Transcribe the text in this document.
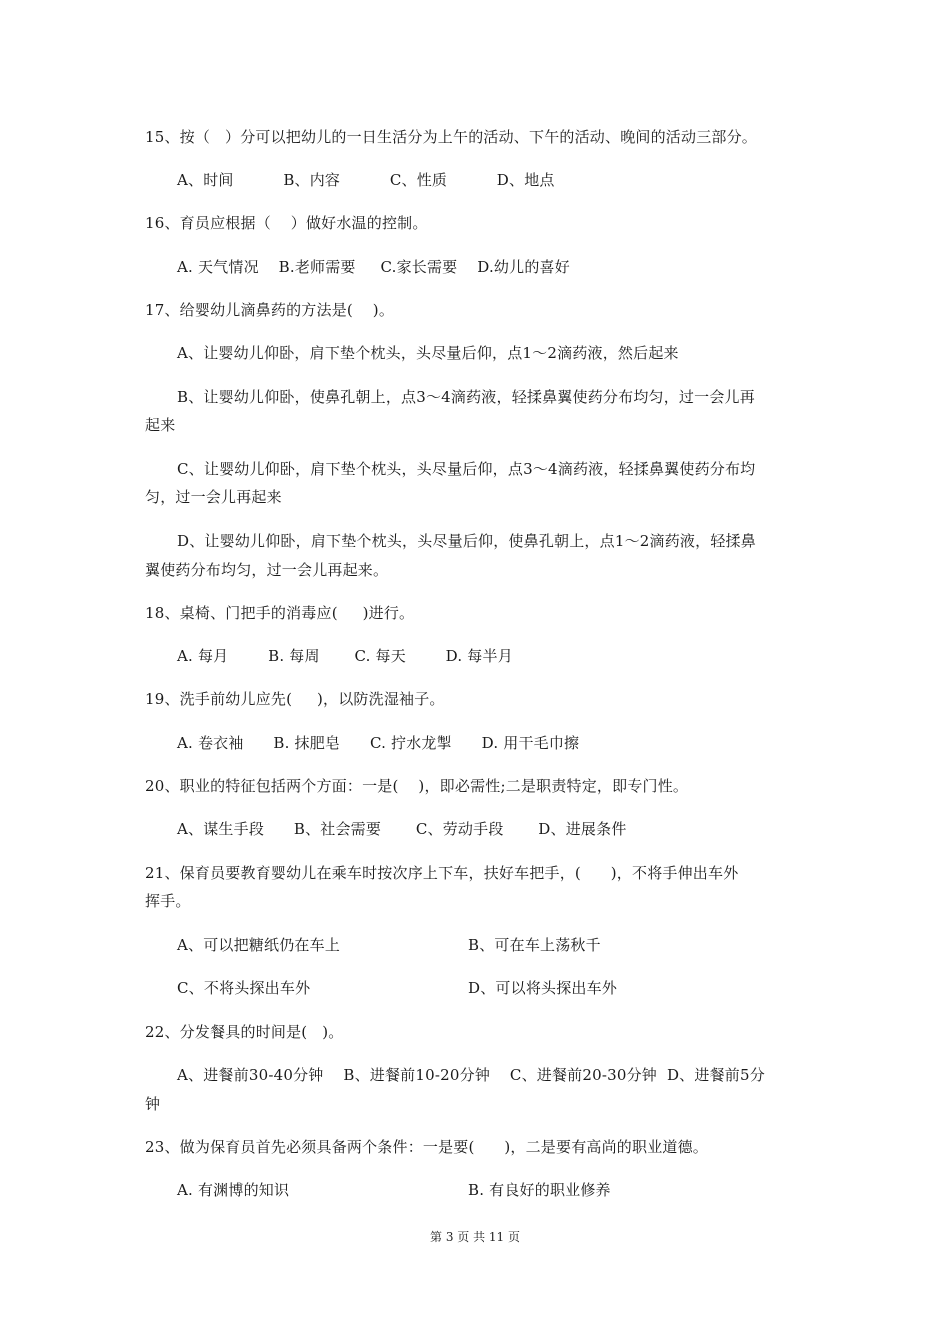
15、按（   ）分可以把幼儿的一日生活分为上午的活动、下午的活动、晚间的活动三部分。
A、时间          B、内容          C、性质          D、地点
16、育员应根据（    ）做好水温的控制。
A. 天气情况    B.老师需要     C.家长需要    D.幼儿的喜好
17、给婴幼儿滴鼻药的方法是(    )。
A、让婴幼儿仰卧，肩下垫个枕头，头尽量后仰，点1～2滴药液，然后起来
B、让婴幼儿仰卧，使鼻孔朝上，点3～4滴药液，轻揉鼻翼使药分布均匀，过一会儿再
起来
C、让婴幼儿仰卧，肩下垫个枕头，头尽量后仰，点3～4滴药液，轻揉鼻翼使药分布均
匀，过一会儿再起来
D、让婴幼儿仰卧，肩下垫个枕头，头尽量后仰，使鼻孔朝上，点1～2滴药液，轻揉鼻
翼使药分布均匀，过一会儿再起来。
18、桌椅、门把手的消毒应(     )进行。
A. 每月        B. 每周       C. 每天        D. 每半月
19、洗手前幼儿应先(     )，以防洗湿袖子。
A. 卷衣袖      B. 抹肥皂      C. 拧水龙掣      D. 用干毛巾擦
20、职业的特征包括两个方面：一是(    )，即必需性;二是职责特定，即专门性。
A、谋生手段      B、社会需要       C、劳动手段       D、进展条件
21、保育员要教育婴幼儿在乘车时按次序上下车，扶好车把手，(      )，不将手伸出车外
挥手。
A、可以把糖纸仍在车上	B、可在车上荡秋千
C、不将头探出车外	D、可以将头探出车外
22、分发餐具的时间是(   )。
A、进餐前30-40分钟    B、进餐前10-20分钟    C、进餐前20-30分钟  D、进餐前5分
钟
23、做为保育员首先必须具备两个条件：一是要(      )，二是要有高尚的职业道德。
A. 有渊博的知识	B. 有良好的职业修养
第 3 页 共 11 页
